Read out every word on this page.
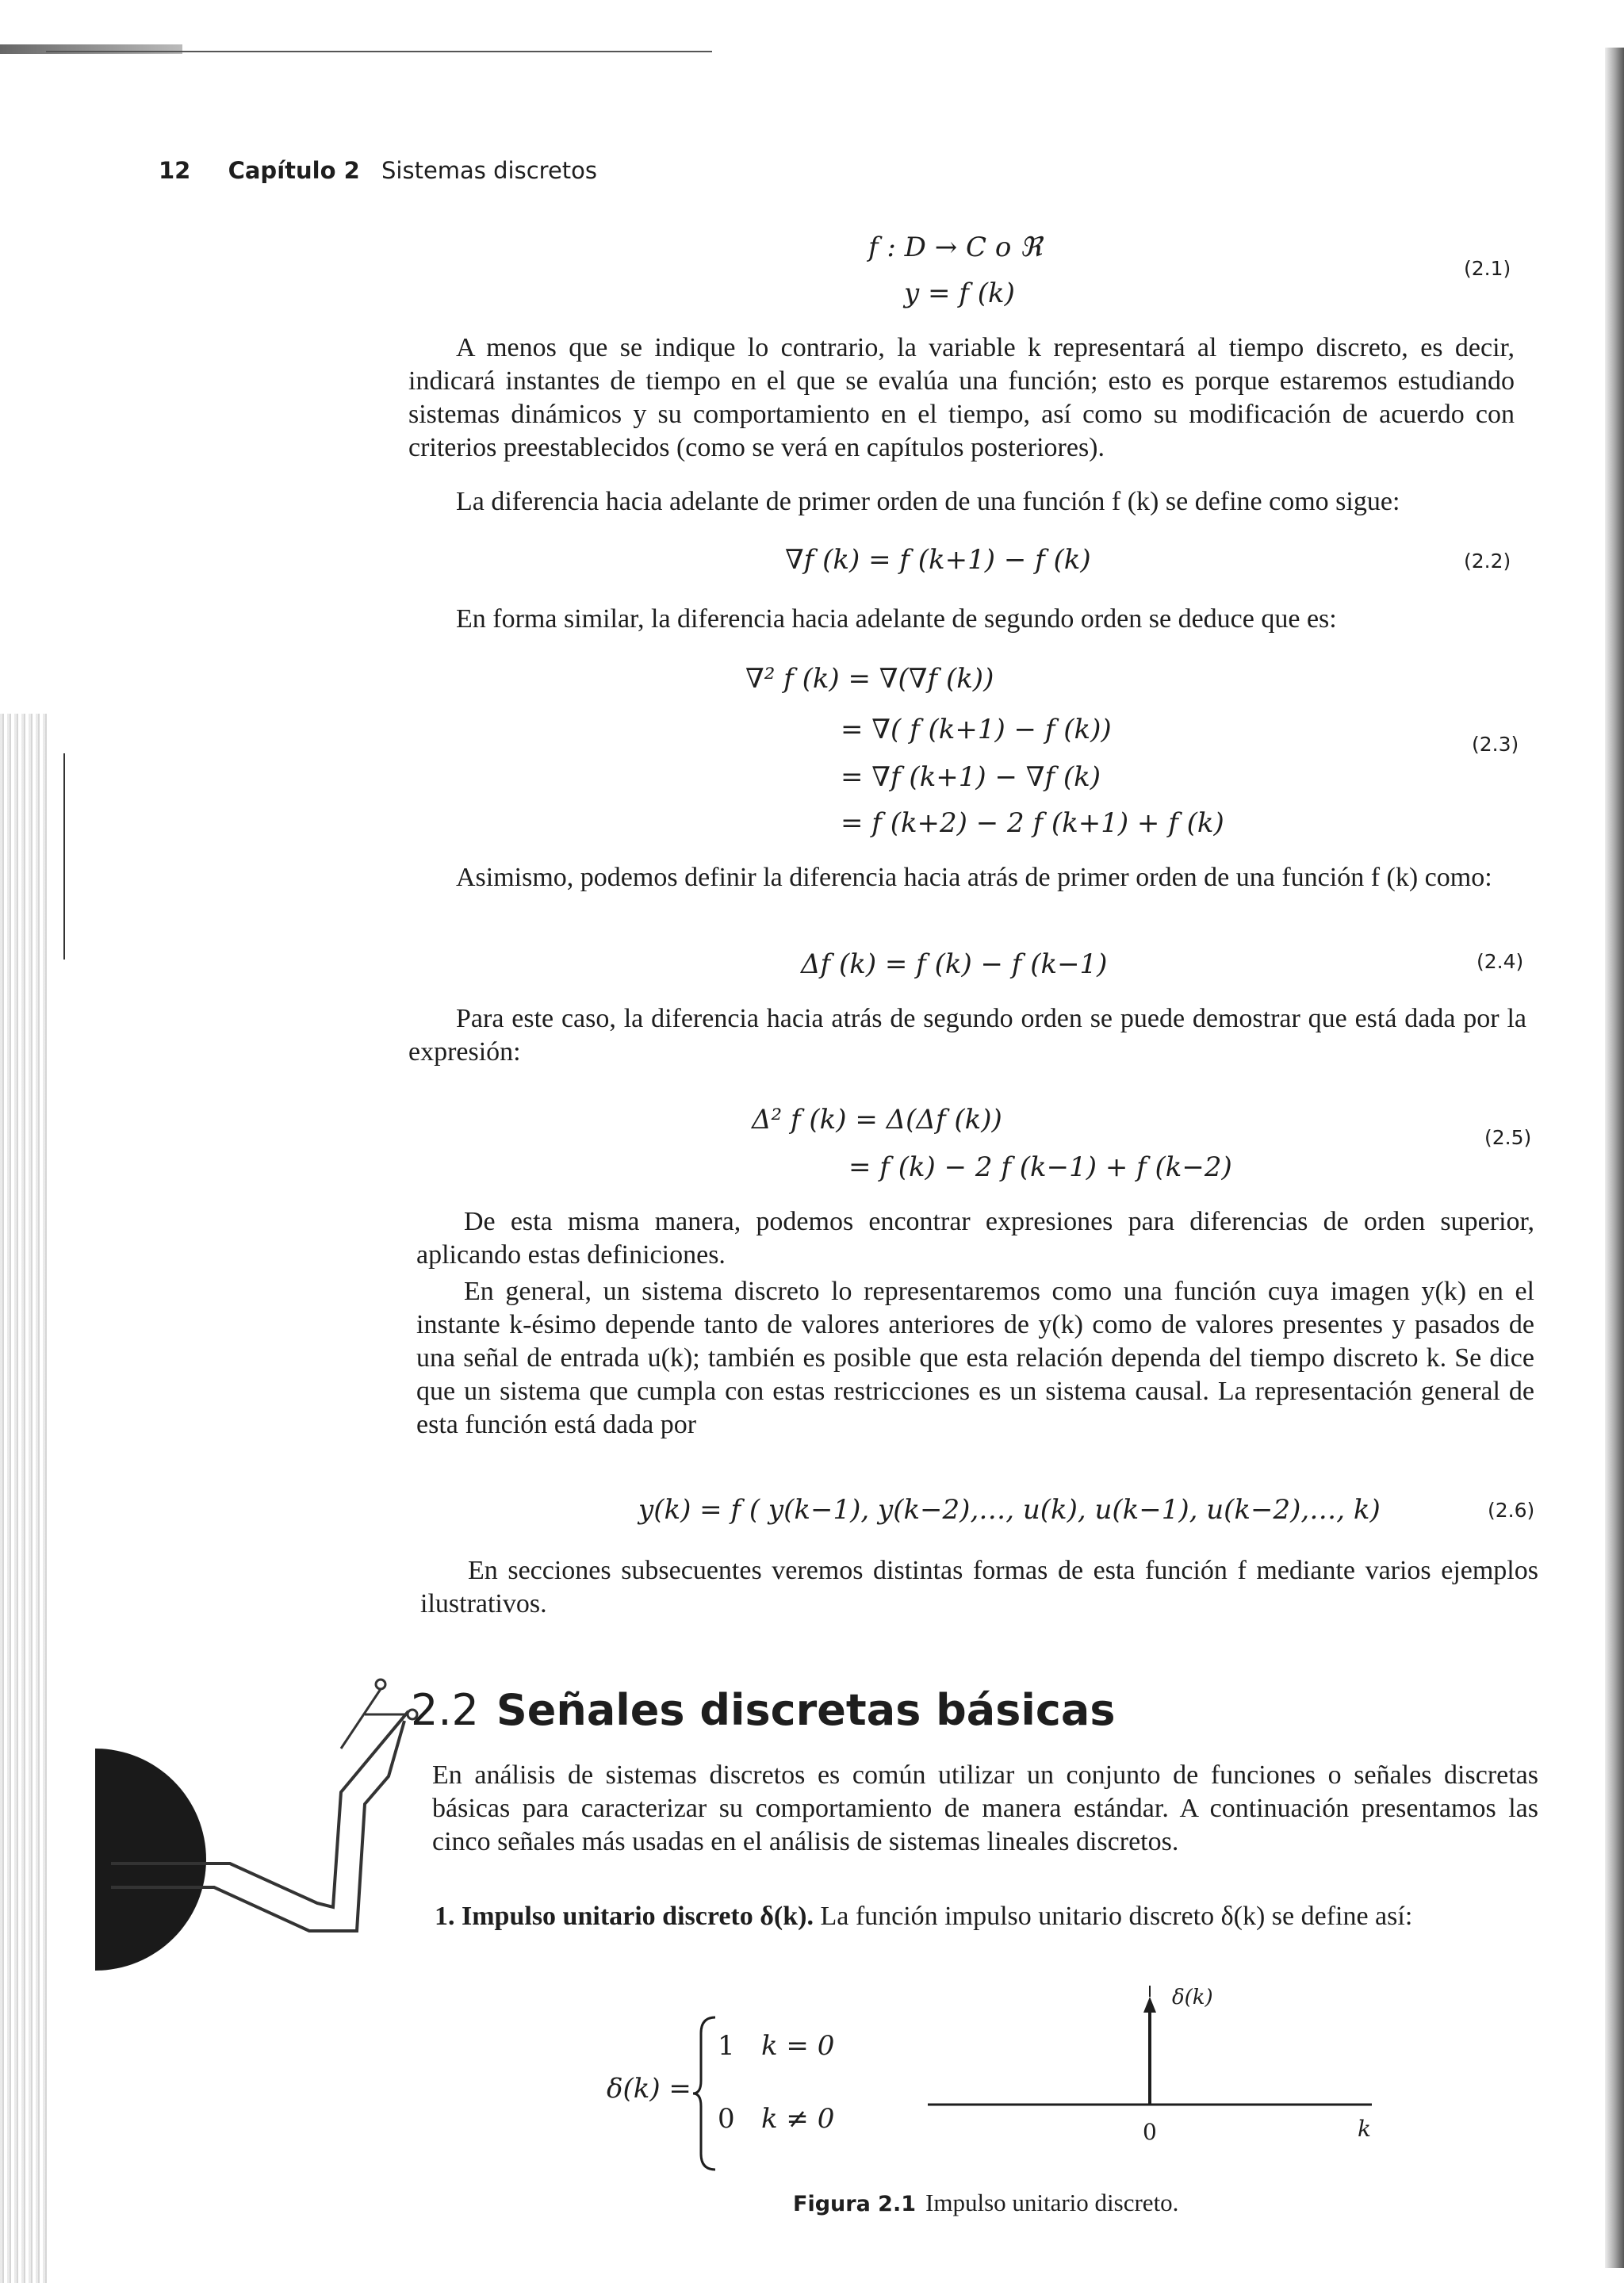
12 Capítulo 2 Sistemas discretos
f : D → C o ℜ
y = f (k)
(2.1)
A menos que se indique lo contrario, la variable k representará al tiempo discreto, es decir, indicará instantes de tiempo en el que se evalúa una función; esto es porque estaremos estudiando sistemas dinámicos y su comportamiento en el tiempo, así como su modificación de acuerdo con criterios preestablecidos (como se verá en capítulos posteriores).
La diferencia hacia adelante de primer orden de una función f (k) se define como sigue:
∇f (k) = f (k+1) − f (k)	(2.2)
En forma similar, la diferencia hacia adelante de segundo orden se deduce que es:
∇² f (k) = ∇(∇f (k))
= ∇( f (k+1) − f (k))
= ∇f (k+1) − ∇f (k)
= f (k+2) − 2 f (k+1) + f (k)
(2.3)
Asimismo, podemos definir la diferencia hacia atrás de primer orden de una función f (k) como:
Δf (k) = f (k) − f (k−1)	(2.4)
Para este caso, la diferencia hacia atrás de segundo orden se puede demostrar que está dada por la expresión:
Δ² f (k) = Δ(Δf (k))
= f (k) − 2 f (k−1) + f (k−2)
(2.5)
De esta misma manera, podemos encontrar expresiones para diferencias de orden superior, aplicando estas definiciones.
En general, un sistema discreto lo representaremos como una función cuya imagen y(k) en el instante k-ésimo depende tanto de valores anteriores de y(k) como de valores presentes y pasados de una señal de entrada u(k); también es posible que esta relación dependa del tiempo discreto k. Se dice que un sistema que cumpla con estas restricciones es un sistema causal. La representación general de esta función está dada por
y(k) = f ( y(k−1), y(k−2),…, u(k), u(k−1), u(k−2),…, k)	(2.6)
En secciones subsecuentes veremos distintas formas de esta función f mediante varios ejemplos ilustrativos.
2.2 Señales discretas básicas
En análisis de sistemas discretos es común utilizar un conjunto de funciones o señales discretas básicas para caracterizar su comportamiento de manera estándar. A continuación presentamos las cinco señales más usadas en el análisis de sistemas lineales discretos.
1. Impulso unitario discreto δ(k). La función impulso unitario discreto δ(k) se define así:
δ(k) =
1 k = 0
0 k ≠ 0
δ(k)
0	k
Figura 2.1 Impulso unitario discreto.
